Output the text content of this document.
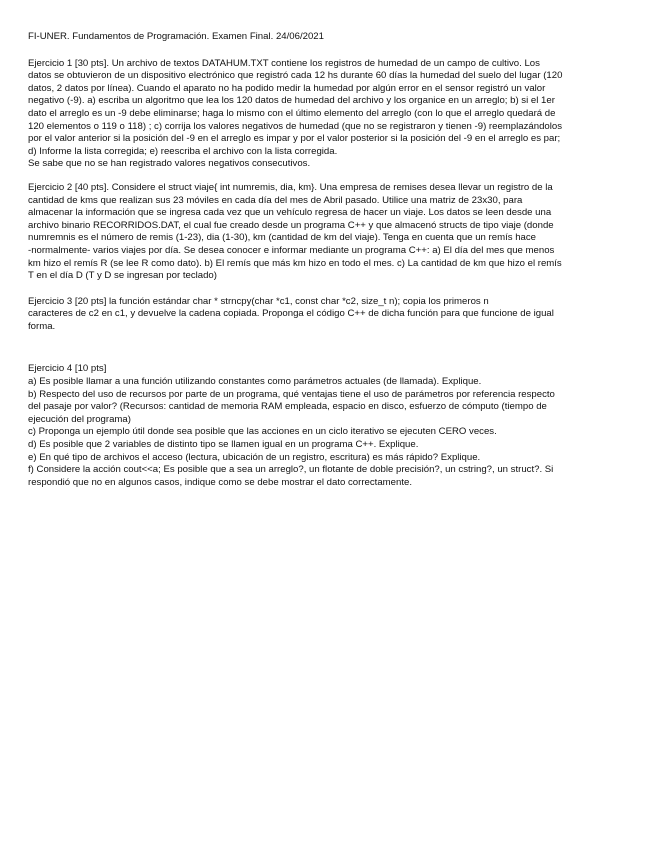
FI-UNER. Fundamentos de Programación. Examen Final. 24/06/2021
Ejercicio 1 [30 pts]. Un archivo de textos DATAHUM.TXT contiene los registros de humedad de un campo de cultivo. Los
datos se obtuvieron de un dispositivo electrónico que registró cada 12 hs durante 60 días la humedad del suelo del lugar (120
datos, 2 datos por línea). Cuando el aparato no ha podido medir la humedad por algún error en el sensor registró un valor
negativo (-9). a) escriba un algoritmo que lea los 120 datos de humedad del archivo y los organice en un arreglo; b) si el 1er
dato el arreglo es un -9 debe eliminarse; haga lo mismo con el último elemento del arreglo (con lo que el arreglo quedará de
120 elementos o 119 o 118) ; c) corrija los valores negativos de humedad (que no se registraron y tienen -9) reemplazándolos
por el valor anterior si la posición del -9 en el arreglo es impar y por el valor posterior si la posición del -9 en el arreglo es par;
d) Informe la lista corregida; e) reescriba el archivo con la lista corregida.
Se sabe que no se han registrado valores negativos consecutivos.
Ejercicio 2 [40 pts]. Considere el struct viaje{ int numremis, dia, km}. Una empresa de remises desea llevar un registro de la
cantidad de kms que realizan sus 23 móviles en cada día del mes de Abril pasado. Utilice una matriz de 23x30, para
almacenar la información que se ingresa cada vez que un vehículo regresa de hacer un viaje. Los datos se leen desde una
archivo binario RECORRIDOS.DAT, el cual fue creado desde un programa C++ y que almacenó structs de tipo viaje (donde
numremnis es el número de remis (1-23), dia (1-30), km (cantidad de km del viaje). Tenga en cuenta que un remís hace
-normalmente- varios viajes por día. Se desea conocer e informar mediante un programa C++: a) El día del mes que menos
km hizo el remís R (se lee R como dato). b) El remís que más km hizo en todo el mes. c) La cantidad de km que hizo el remís
T en el día D (T y D se ingresan por teclado)
Ejercicio 3 [20 pts] la función estándar char * strncpy(char *c1, const char *c2, size_t n); copia los primeros n
caracteres de c2 en c1, y devuelve la cadena copiada. Proponga el código C++ de dicha función para que funcione de igual
forma.
Ejercicio 4 [10 pts]
a) Es posible llamar a una función utilizando constantes como parámetros actuales (de llamada). Explique.
b) Respecto del uso de recursos por parte de un programa, qué ventajas tiene el uso de parámetros por referencia respecto
del pasaje por valor? (Recursos: cantidad de memoria RAM empleada, espacio en disco, esfuerzo de cómputo (tiempo de
ejecución del programa)
c) Proponga un ejemplo útil donde sea posible que las acciones en un ciclo iterativo se ejecuten CERO veces.
d) Es posible que 2 variables de distinto tipo se llamen igual en un programa C++. Explique.
e) En qué tipo de archivos el acceso (lectura, ubicación de un registro, escritura) es más rápido? Explique.
f) Considere la acción cout<<a; Es posible que a sea un arreglo?, un flotante de doble precisión?, un cstring?, un struct?. Si
respondió que no en algunos casos, indique como se debe mostrar el dato correctamente.
